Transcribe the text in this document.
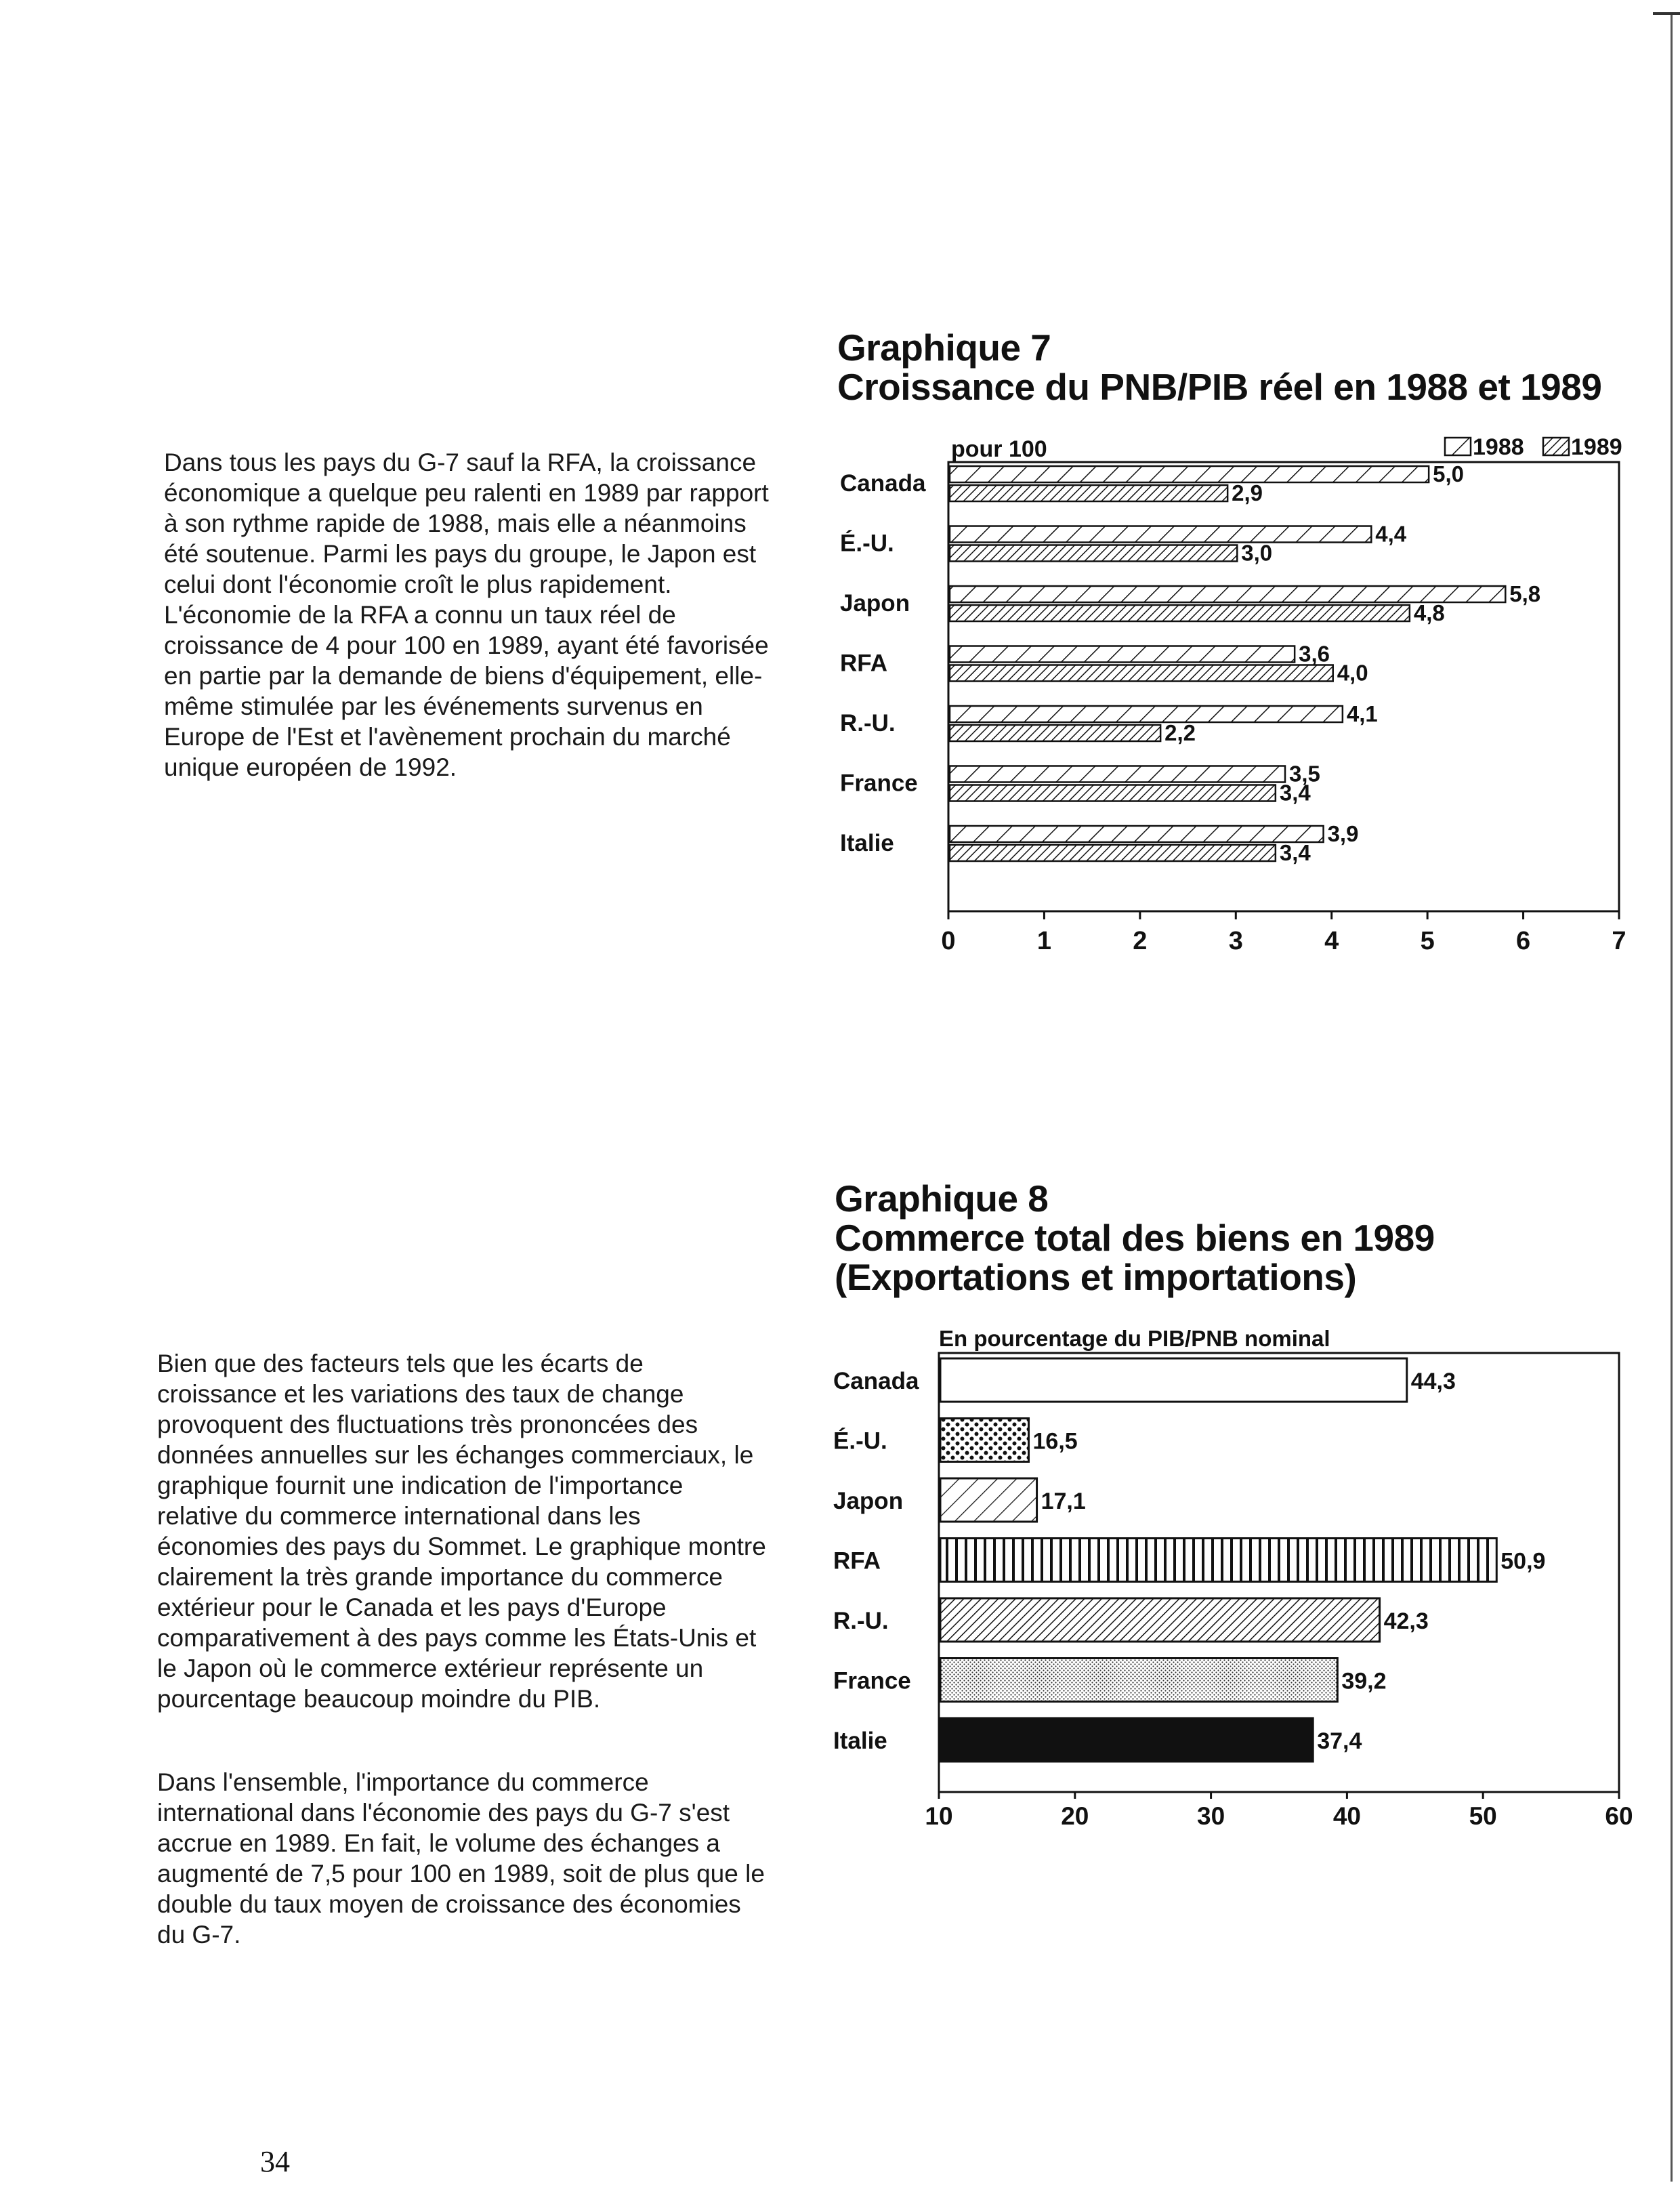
Dans tous les pays du G-7 sauf la RFA, la croissance économique a quelque peu ralenti en 1989 par rapport à son rythme rapide de 1988, mais elle a néanmoins été soutenue. Parmi les pays du groupe, le Japon est celui dont l'économie croît le plus rapidement. L'économie de la RFA a connu un taux réel de croissance de 4 pour 100 en 1989, ayant été favorisée en partie par la demande de biens d'équipement, elle-même stimulée par les événements survenus en Europe de l'Est et l'avènement prochain du marché unique européen de 1992.

Bien que des facteurs tels que les écarts de croissance et les variations des taux de change provoquent des fluctuations très prononcées des données annuelles sur les échanges commerciaux, le graphique fournit une indication de l'importance relative du commerce international dans les économies des pays du Sommet. Le graphique montre clairement la très grande importance du commerce extérieur pour le Canada et les pays d'Europe comparativement à des pays comme les États-Unis et le Japon où le commerce extérieur représente un pourcentage beaucoup moindre du PIB.

Dans l'ensemble, l'importance du commerce international dans l'économie des pays du G-7 s'est accrue en 1989. En fait, le volume des échanges a augmenté de 7,5 pour 100 en 1989, soit de plus que le double du taux moyen de croissance des économies du G-7.

Graphique 7
Croissance du PNB/PIB réel en 1988 et 1989
pour 100	1988 1989
0	1	2	3	4	5	6	7
Canada	5,0
2,9
É.-U.	4,4
3,0
Japon	5,8
4,8
RFA	3,6
4,0
R.-U.	4,1
2,2
France	3,5
3,4
Italie	3,9
3,4
Graphique 8
Commerce total des biens en 1989
(Exportations et importations)
En pourcentage du PIB/PNB nominal
10	20	30	40	50	60
Canada	44,3
É.-U.	16,5
Japon	17,1
RFA	50,9
R.-U.	42,3
France	39,2
Italie	37,4
34
